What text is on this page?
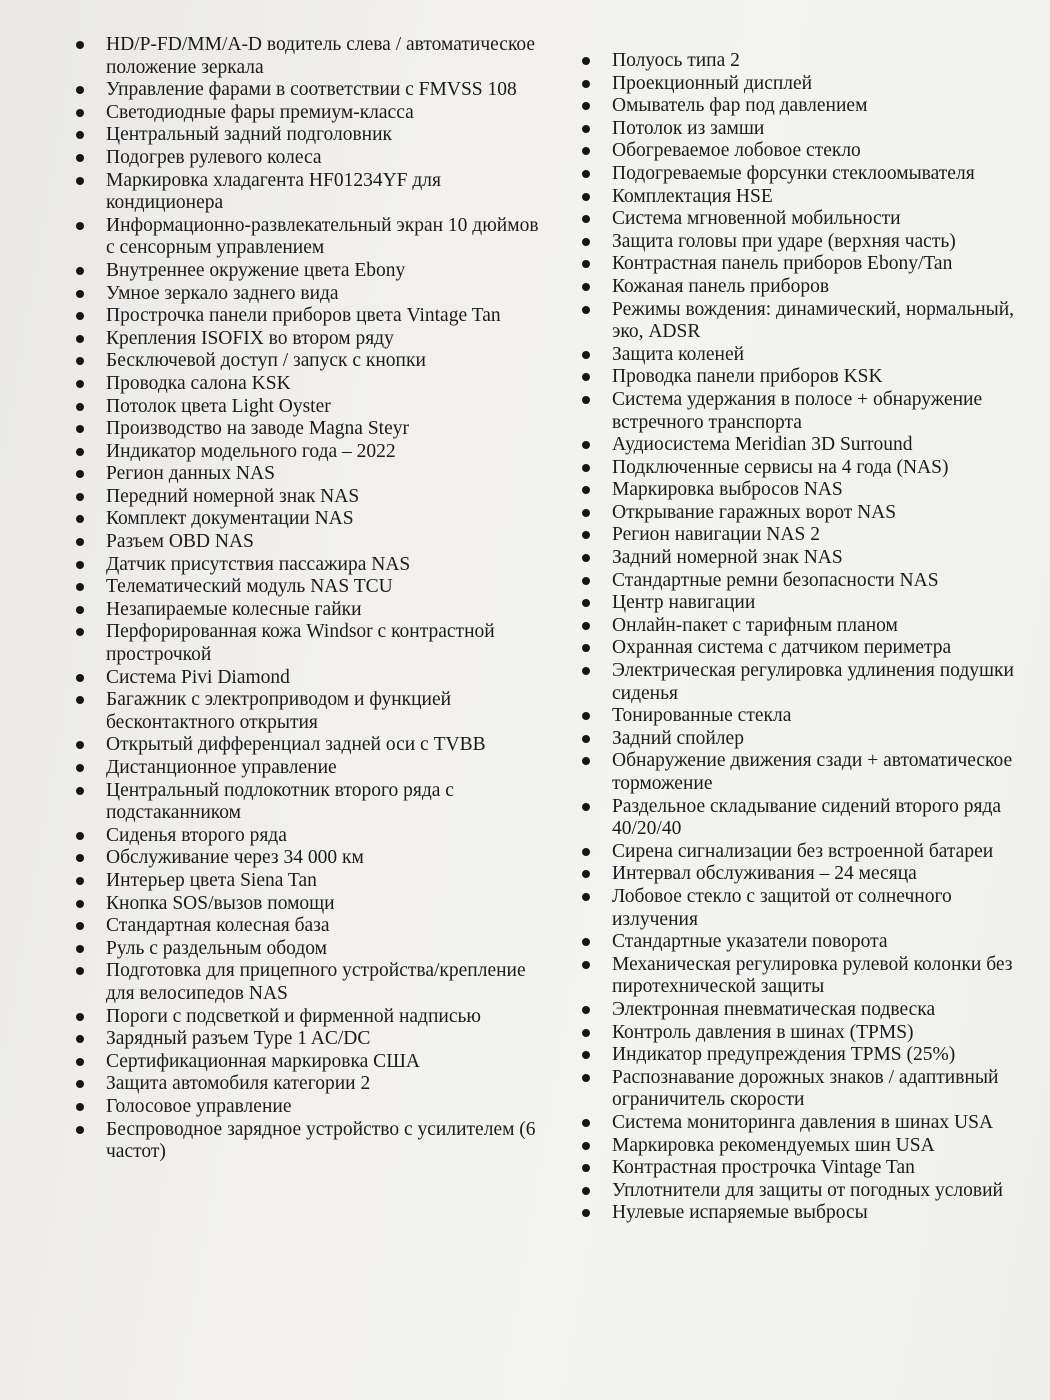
HD/P-FD/MM/A-D водитель слева / автоматическое положение зеркала
Управление фарами в соответствии с FMVSS 108
Светодиодные фары премиум-класса
Центральный задний подголовник
Подогрев рулевого колеса
Маркировка хладагента HF01234YF для кондиционера
Информационно-развлекательный экран 10 дюймов с сенсорным управлением
Внутреннее окружение цвета Ebony
Умное зеркало заднего вида
Прострочка панели приборов цвета Vintage Tan
Крепления ISOFIX во втором ряду
Бесключевой доступ / запуск с кнопки
Проводка салона KSK
Потолок цвета Light Oyster
Производство на заводе Magna Steyr
Индикатор модельного года – 2022
Регион данных NAS
Передний номерной знак NAS
Комплект документации NAS
Разъем OBD NAS
Датчик присутствия пассажира NAS
Телематический модуль NAS TCU
Незапираемые колесные гайки
Перфорированная кожа Windsor с контрастной прострочкой
Система Pivi Diamond
Багажник с электроприводом и функцией бесконтактного открытия
Открытый дифференциал задней оси с TVBB
Дистанционное управление
Центральный подлокотник второго ряда с подстаканником
Сиденья второго ряда
Обслуживание через 34 000 км
Интерьер цвета Siena Tan
Кнопка SOS/вызов помощи
Стандартная колесная база
Руль с раздельным ободом
Подготовка для прицепного устройства/крепление для велосипедов NAS
Пороги с подсветкой и фирменной надписью
Зарядный разъем Type 1 AC/DC
Сертификационная маркировка США
Защита автомобиля категории 2
Голосовое управление
Беспроводное зарядное устройство с усилителем (6 частот)
Полуось типа 2
Проекционный дисплей
Омыватель фар под давлением
Потолок из замши
Обогреваемое лобовое стекло
Подогреваемые форсунки стеклоомывателя
Комплектация HSE
Система мгновенной мобильности
Защита головы при ударе (верхняя часть)
Контрастная панель приборов Ebony/Tan
Кожаная панель приборов
Режимы вождения: динамический, нормальный, эко, ADSR
Защита коленей
Проводка панели приборов KSK
Система удержания в полосе + обнаружение встречного транспорта
Аудиосистема Meridian 3D Surround
Подключенные сервисы на 4 года (NAS)
Маркировка выбросов NAS
Открывание гаражных ворот NAS
Регион навигации NAS 2
Задний номерной знак NAS
Стандартные ремни безопасности NAS
Центр навигации
Онлайн-пакет с тарифным планом
Охранная система с датчиком периметра
Электрическая регулировка удлинения подушки сиденья
Тонированные стекла
Задний спойлер
Обнаружение движения сзади + автоматическое торможение
Раздельное складывание сидений второго ряда 40/20/40
Сирена сигнализации без встроенной батареи
Интервал обслуживания – 24 месяца
Лобовое стекло с защитой от солнечного излучения
Стандартные указатели поворота
Механическая регулировка рулевой колонки без пиротехнической защиты
Электронная пневматическая подвеска
Контроль давления в шинах (TPMS)
Индикатор предупреждения TPMS (25%)
Распознавание дорожных знаков / адаптивный ограничитель скорости
Система мониторинга давления в шинах USA
Маркировка рекомендуемых шин USA
Контрастная прострочка Vintage Tan
Уплотнители для защиты от погодных условий
Нулевые испаряемые выбросы
